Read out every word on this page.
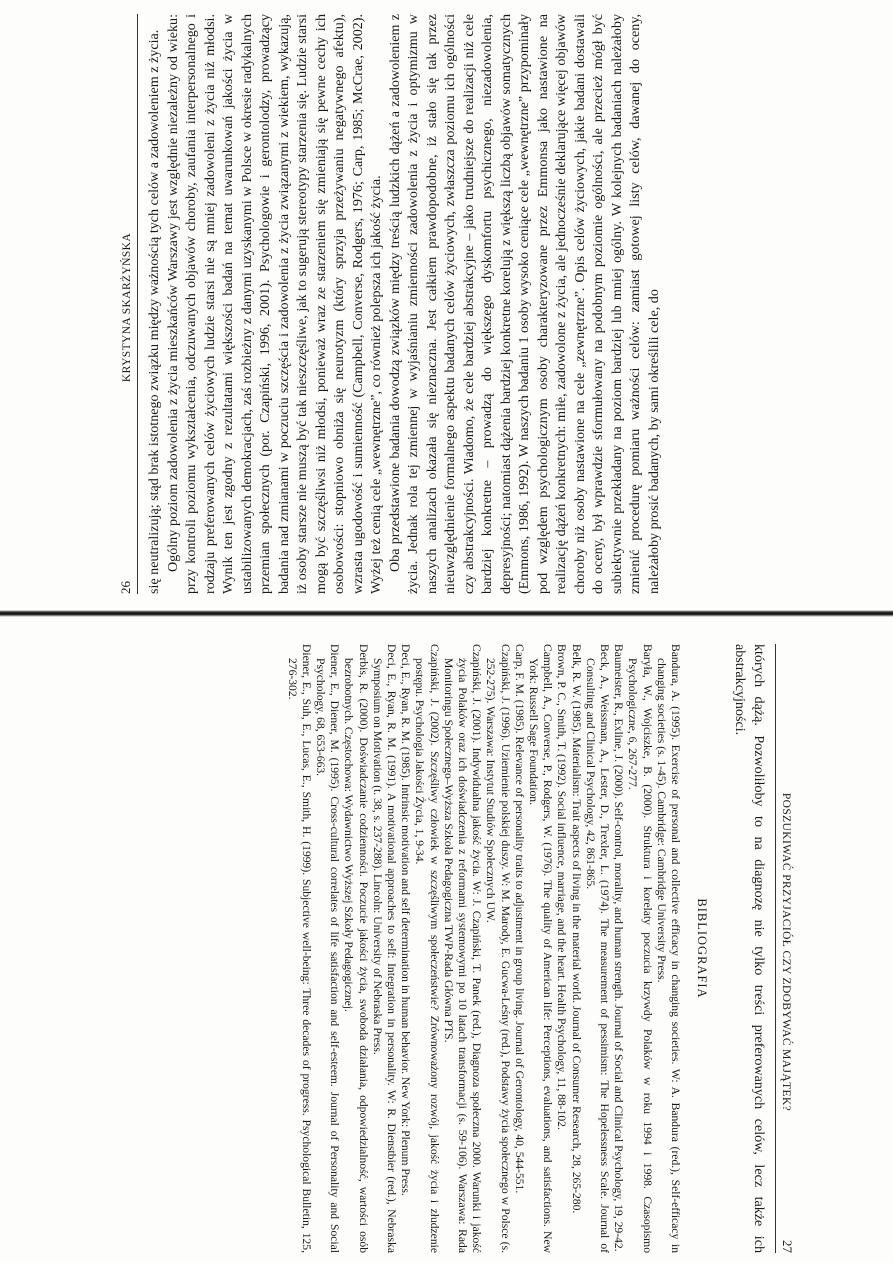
26
KRYSTYNA SKARŻYŃSKA się neutralizują; stąd brak istotnego związku między ważnością tych celów a zadowoleniem z życia. Ogólny poziom zadowolenia z życia mieszkańców Warszawy jest względnie niezależny od wieku: przy kontroli poziomu wykształcenia, odczuwanych objawów choroby, zaufania interpersonalnego i rodzaju preferowanych celów życiowych ludzie starsi nie są mniej zadowoleni z życia niż młodsi. Wynik ten jest zgodny z rezultatami większości badań na temat uwarunkowań jakości życia w ustabilizowanych demokracjach, zaś rozbieżny z danymi uzyskanymi w Polsce w okresie radykalnych przemian społecznych (por. Czapiński, 1996, 2001). Psychologowie i gerontolodzy, prowadzący badania nad zmianami w poczuciu szczęścia i zadowolenia z życia związanymi z wiekiem, wykazują, iż osoby starsze nie muszą być tak nieszczęśliwe, jak to sugerują stereotypy starzenia się. Ludzie starsi mogą być szczęśliwsi niż młodsi, ponieważ wraz ze starzeniem się zmieniają się pewne cechy ich osobowości: stopniowo obniża się neurotyzm (który sprzyja przeżywaniu negatywnego afektu), wzrasta ugodowość i sumienność (Campbell, Converse, Rodgers, 1976; Carp, 1985; McCrae, 2002). Wyżej też cenią cele „wewnętrzne”, co również polepsza ich jakość życia. Oba przedstawione badania dowodzą związków między treścią ludzkich dążeń a zadowoleniem z życia. Jednak rola tej zmiennej w wyjaśnianiu zmienności zadowolenia z życia i optymizmu w naszych analizach okazała się nieznaczna. Jest całkiem prawdopodobne, iż stało się tak przez nieuwzględnienie formalnego aspektu badanych celów życiowych, zwłaszcza poziomu ich ogólności czy abstrakcyjności. Wiadomo, że cele bardziej abstrakcyjne – jako trudniejsze do realizacji niż cele bardziej konkretne – prowadzą do większego dyskomfortu psychicznego, niezadowolenia, depresyjności; natomiast dążenia bardziej konkretne korelują z większą liczbą objawów somatycznych (Emmons, 1986, 1992). W naszych badaniu 1 osoby wysoko ceniące cele „wewnętrzne” przypominały pod względem psychologicznym osoby charakteryzowane przez Emmonsa jako nastawione na realizację dążeń konkretnych: miłe, zadowolone z życia, ale jednocześnie deklarujące więcej objawów choroby niż osoby nastawione na cele „zewnętrzne”. Opis celów życiowych, jakie badani dostawali do oceny, był wprawdzie sformułowany na podobnym poziomie ogólności, ale przecież mógł być subiektywnie przekładany na poziom bardziej lub mniej ogólny. W kolejnych badaniach należałoby zmienić procedurę pomiaru ważności celów: zamiast gotowej listy celów, dawanej do oceny, należałoby prosić badanych, by sami określili cele, do

POSZUKIWAĆ PRZYJACIÓŁ CZY ZDOBYWAĆ MAJĄTEK?
27

których dążą. Pozwoliłoby to na diagnozę nie tylko treści preferowanych celów, lecz także ich abstrakcyjności.

BIBLIOGRAFIA
Bandura, A. (1995). Exercise of personal and collective efficacy in changing societies. W: A. Bandura (red.), Self-efficacy in changing societies (s. 1-45). Cambridge: Cambridge University Press.
Baryła, W., Wojciszke, B. (2000). Struktura i korelaty poczucia krzywdy Polaków w roku 1994 i 1998. Czasopismo Psychologiczne, 6, 267-277.
Baumeister, R., Exline, J. (2000). Self-control, morality, and human strength. Journal of Social and Clinical Psychology, 19, 29-42.
Beck, A., Weissman, A., Lester, D., Trexler, L. (1974). The measurement of pessimism: The Hopelessness Scale. Journal of Consulting and Clinical Psychology, 42, 861-865.
Belk, R. W. (1985). Materialism: Trait aspects of living in the material world. Journal of Consumer Research, 28, 265-280.
Brown, P. C., Smith, T. (1992). Social influence, marriage, and the heart. Health Psychology, 11, 88-102.
Campbell, A., Converse, P., Rodgers, W. (1976). The quality of American life: Perceptions, evaluations, and satisfactions. New York: Russell Sage Foundation.
Carp, F. M. (1985). Relevance of personality traits to adjustment in group living. Journal of Gerontology, 40, 544-551.
Czapiński, J. (1996). Uziemienie polskiej duszy. W: M. Marody, E. Gucwa-Leśny (red.), Podstawy życia społecznego w Polsce (s. 252-275). Warszawa: Instytut Studiów Społecznych UW.
Czapiński, J. (2001). Indywidualna jakość życia. W: J. Czapiński, T. Panek (red.), Diagnoza społeczna 2000. Warunki i jakość życia Polaków oraz ich doświadczenia z reformami systemowymi po 10 latach transformacji (s. 59-106). Warszawa: Rada Monitoringu Społecznego–Wyższa Szkoła Pedagogiczna TWP-Rada Główna PTS.
Czapiński, J. (2002). Szczęśliwy człowiek w szczęśliwym społeczeństwie? Zrównoważony rozwój, jakość życia i złudzenie postępu. Psychologia Jakości Życia, 1, 9-34.
Deci, E., Ryan, R. M. (1985). Intrinsic motivation and self determination in human behavior. New York: Plenum Press.
Deci, E., Ryan, R. M. (1991). A motivational approaches to self: Integration in personality. W: R. Dienstbier (red.), Nebraska Symposium on Motivation (t. 38, s. 237-288). Lincoln: University of Nebraska Press.
Derbis, R. (2000). Doświadczanie codzienności. Poczucie jakości życia, swoboda działania, odpowiedzialność, wartości osób bezrobotnych. Częstochowa: Wydawnictwo Wyższej Szkoły Pedagogicznej.
Diener, E., Diener, M. (1995). Cross-cultural correlates of life satisfaction and self-esteem. Journal of Personality and Social Psychology, 68, 653-663.
Diener, E., Suh, E., Lucas, E., Smith, H. (1999). Subjective well-being: Three decades of progress. Psychological Bulletin, 125, 276-302.
